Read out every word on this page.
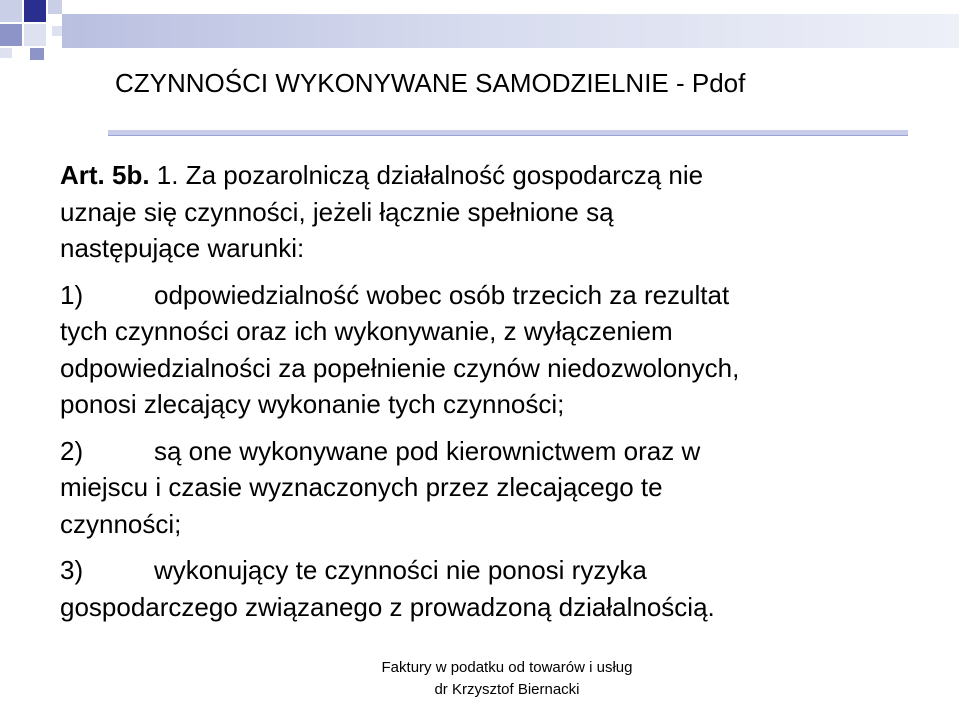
CZYNNOŚCI WYKONYWANE SAMODZIELNIE - Pdof

Art. 5b. 1. Za pozarolniczą działalność gospodarczą nie
uznaje się czynności, jeżeli łącznie spełnione są
następujące warunki:

1)	odpowiedzialność wobec osób trzecich za rezultat
tych czynności oraz ich wykonywanie, z wyłączeniem
odpowiedzialności za popełnienie czynów niedozwolonych,
ponosi zlecający wykonanie tych czynności;

2)	są one wykonywane pod kierownictwem oraz w
miejscu i czasie wyznaczonych przez zlecającego te
czynności;

3)	wykonujący te czynności nie ponosi ryzyka
gospodarczego związanego z prowadzoną działalnością.

Faktury w podatku od towarów i usług
dr Krzysztof Biernacki
